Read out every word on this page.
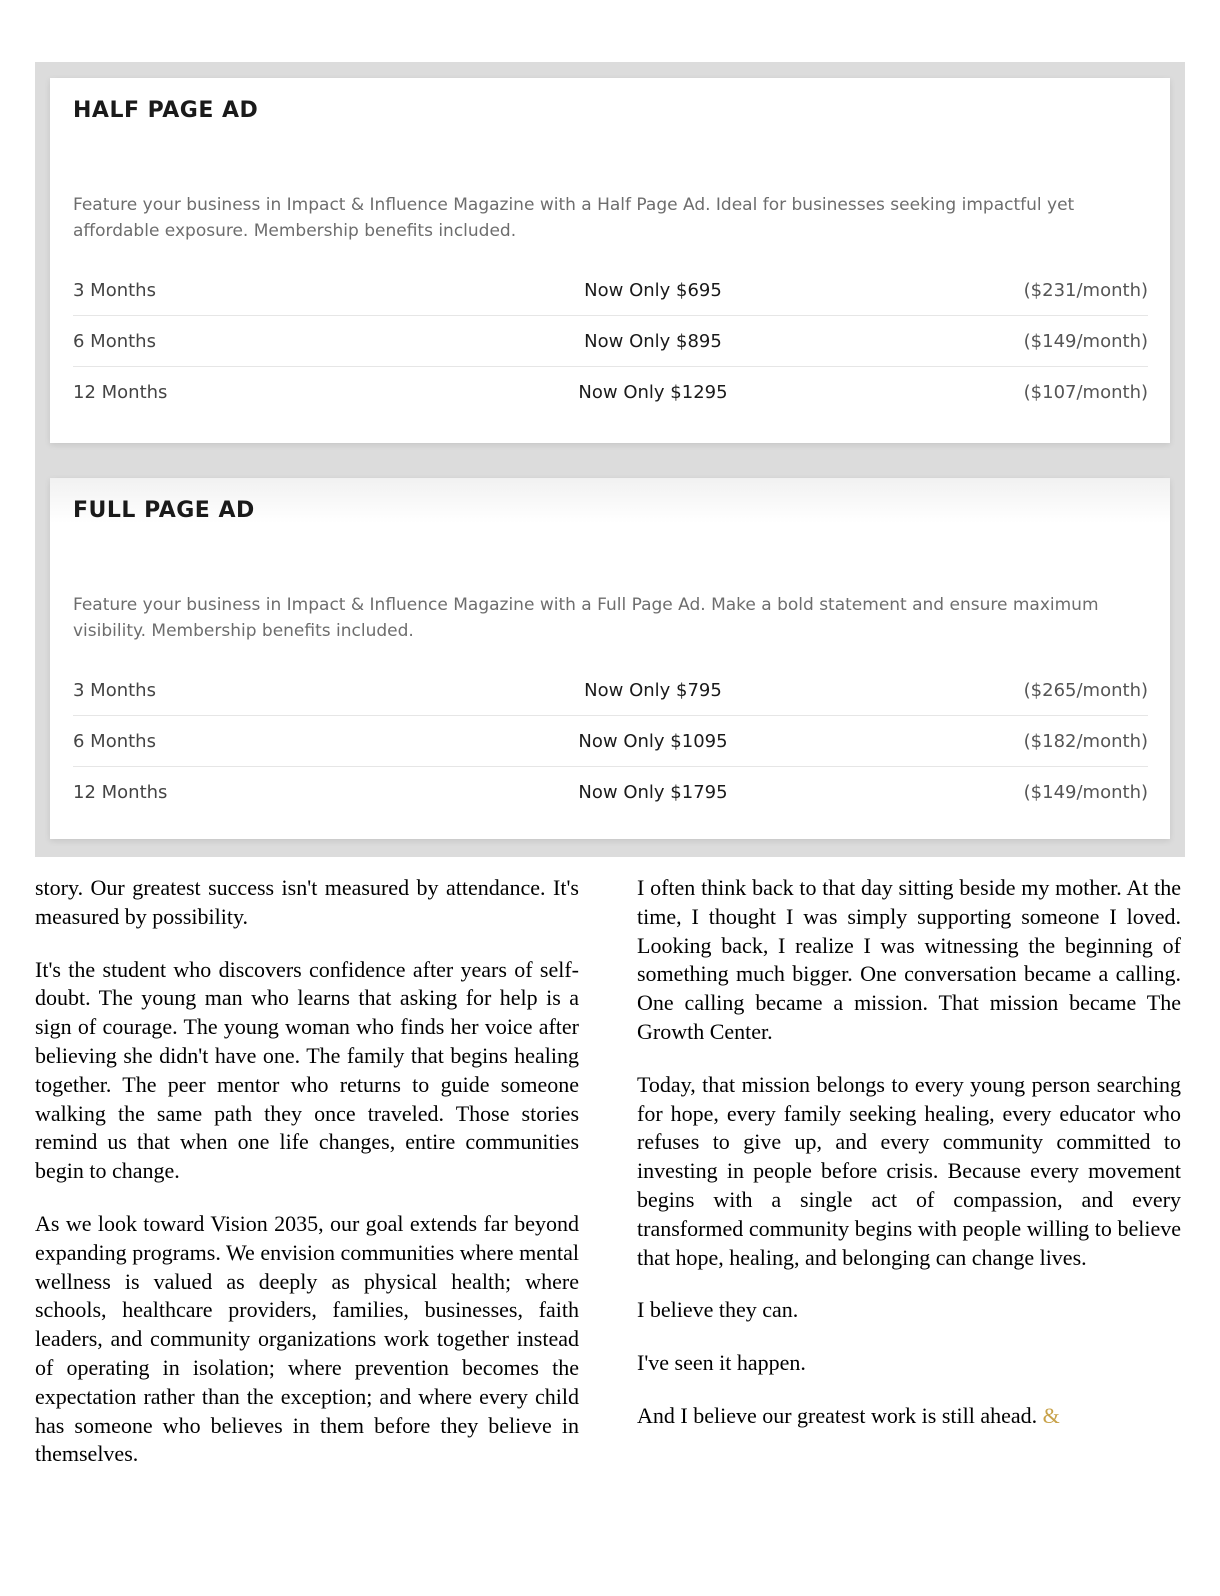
HALF PAGE AD

Feature your business in Impact & Influence Magazine with a Half Page Ad. Ideal for businesses seeking impactful yet affordable exposure. Membership benefits included.

3 Months	Now Only $695	($231/month)
6 Months	Now Only $895	($149/month)
12 Months	Now Only $1295	($107/month)
FULL PAGE AD

Feature your business in Impact & Influence Magazine with a Full Page Ad. Make a bold statement and ensure maximum visibility. Membership benefits included.

3 Months	Now Only $795	($265/month)
6 Months	Now Only $1095	($182/month)
12 Months	Now Only $1795	($149/month)

story. Our greatest success isn't measured by attendance. It's measured by possibility.

It's the student who discovers confidence after years of self-doubt. The young man who learns that asking for help is a sign of courage. The young woman who finds her voice after believing she didn't have one. The family that begins healing together. The peer mentor who returns to guide someone walking the same path they once traveled. Those stories remind us that when one life changes, entire communities begin to change.

As we look toward Vision 2035, our goal extends far beyond expanding programs. We envision communities where mental wellness is valued as deeply as physical health; where schools, healthcare providers, families, businesses, faith leaders, and community organizations work together instead of operating in isolation; where prevention becomes the expectation rather than the exception; and where every child has someone who believes in them before they believe in themselves.

I often think back to that day sitting beside my mother. At the time, I thought I was simply supporting someone I loved. Looking back, I realize I was witnessing the beginning of something much bigger. One conversation became a calling. One calling became a mission. That mission became The Growth Center.

Today, that mission belongs to every young person searching for hope, every family seeking healing, every educator who refuses to give up, and every community committed to investing in people before crisis. Because every movement begins with a single act of compassion, and every transformed community begins with people willing to believe that hope, healing, and belonging can change lives.

I believe they can.

I've seen it happen.

And I believe our greatest work is still ahead. &
